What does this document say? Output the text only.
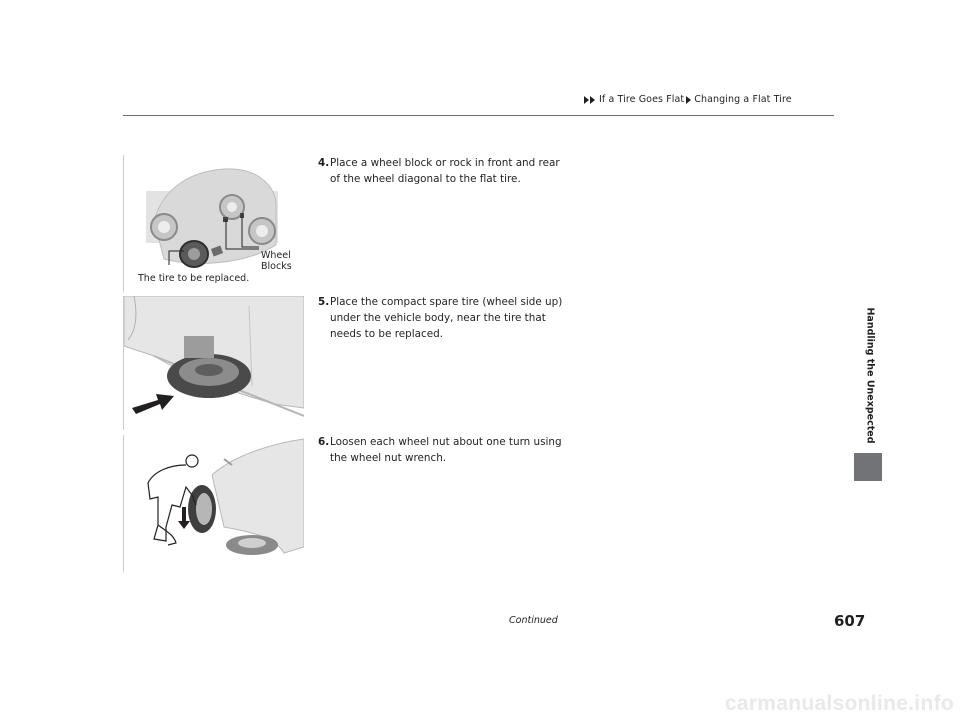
If a Tire Goes Flat Changing a Flat Tire
Handling the Unexpected
Wheel
Blocks
The tire to be replaced.
4. Place a wheel block or rock in front and rear of the wheel diagonal to the flat tire.
5. Place the compact spare tire (wheel side up) under the vehicle body, near the tire that needs to be replaced.
6. Loosen each wheel nut about one turn using the wheel nut wrench.
Continued	607
carmanualsonline.info
